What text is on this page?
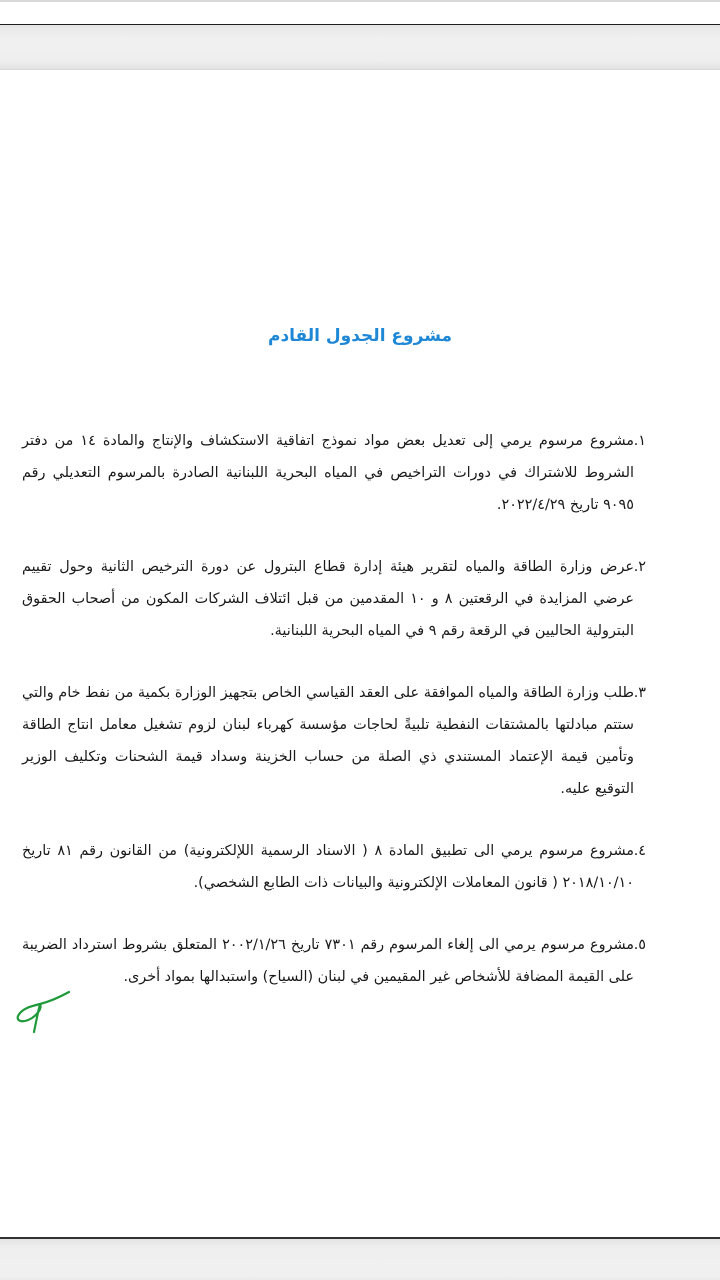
مشروع الجدول القادم
١.
مشروع مرسوم يرمي إلى تعديل بعض مواد نموذج اتفاقية الاستكشاف والإنتاج والمادة ١٤ من دفتر الشروط للاشتراك في دورات التراخيص في المياه البحرية اللبنانية الصادرة بالمرسوم التعديلي رقم ٩٠٩٥ تاريخ ٢٠٢٢/٤/٢٩.
٢.
عرض وزارة الطاقة والمياه لتقرير هيئة إدارة قطاع البترول عن دورة الترخيص الثانية وحول تقييم عرضي المزايدة في الرقعتين ٨ و ١٠ المقدمين من قبل ائتلاف الشركات المكون من أصحاب الحقوق البترولية الحاليين في الرقعة رقم ٩ في المياه البحرية اللبنانية.
٣.
طلب وزارة الطاقة والمياه الموافقة على العقد القياسي الخاص بتجهيز الوزارة بكمية من نفط خام والتي ستتم مبادلتها بالمشتقات النفطية تلبيةً لحاجات مؤسسة كهرباء لبنان لزوم تشغيل معامل انتاج الطاقة وتأمين قيمة الإعتماد المستندي ذي الصلة من حساب الخزينة وسداد قيمة الشحنات وتكليف الوزير التوقيع عليه.
٤.
مشروع مرسوم يرمي الى تطبيق المادة ٨ ( الاسناد الرسمية اللإلكترونية) من القانون رقم ٨١ تاريخ ٢٠١٨/١٠/١٠ ( قانون المعاملات الإلكترونية والبيانات ذات الطابع الشخصي).
٥.
مشروع مرسوم يرمي الى إلغاء المرسوم رقم ٧٣٠١ تاريخ ٢٠٠٢/١/٢٦ المتعلق بشروط استرداد الضريبة على القيمة المضافة للأشخاص غير المقيمين في لبنان (السياح) واستبدالها بمواد أخرى.
